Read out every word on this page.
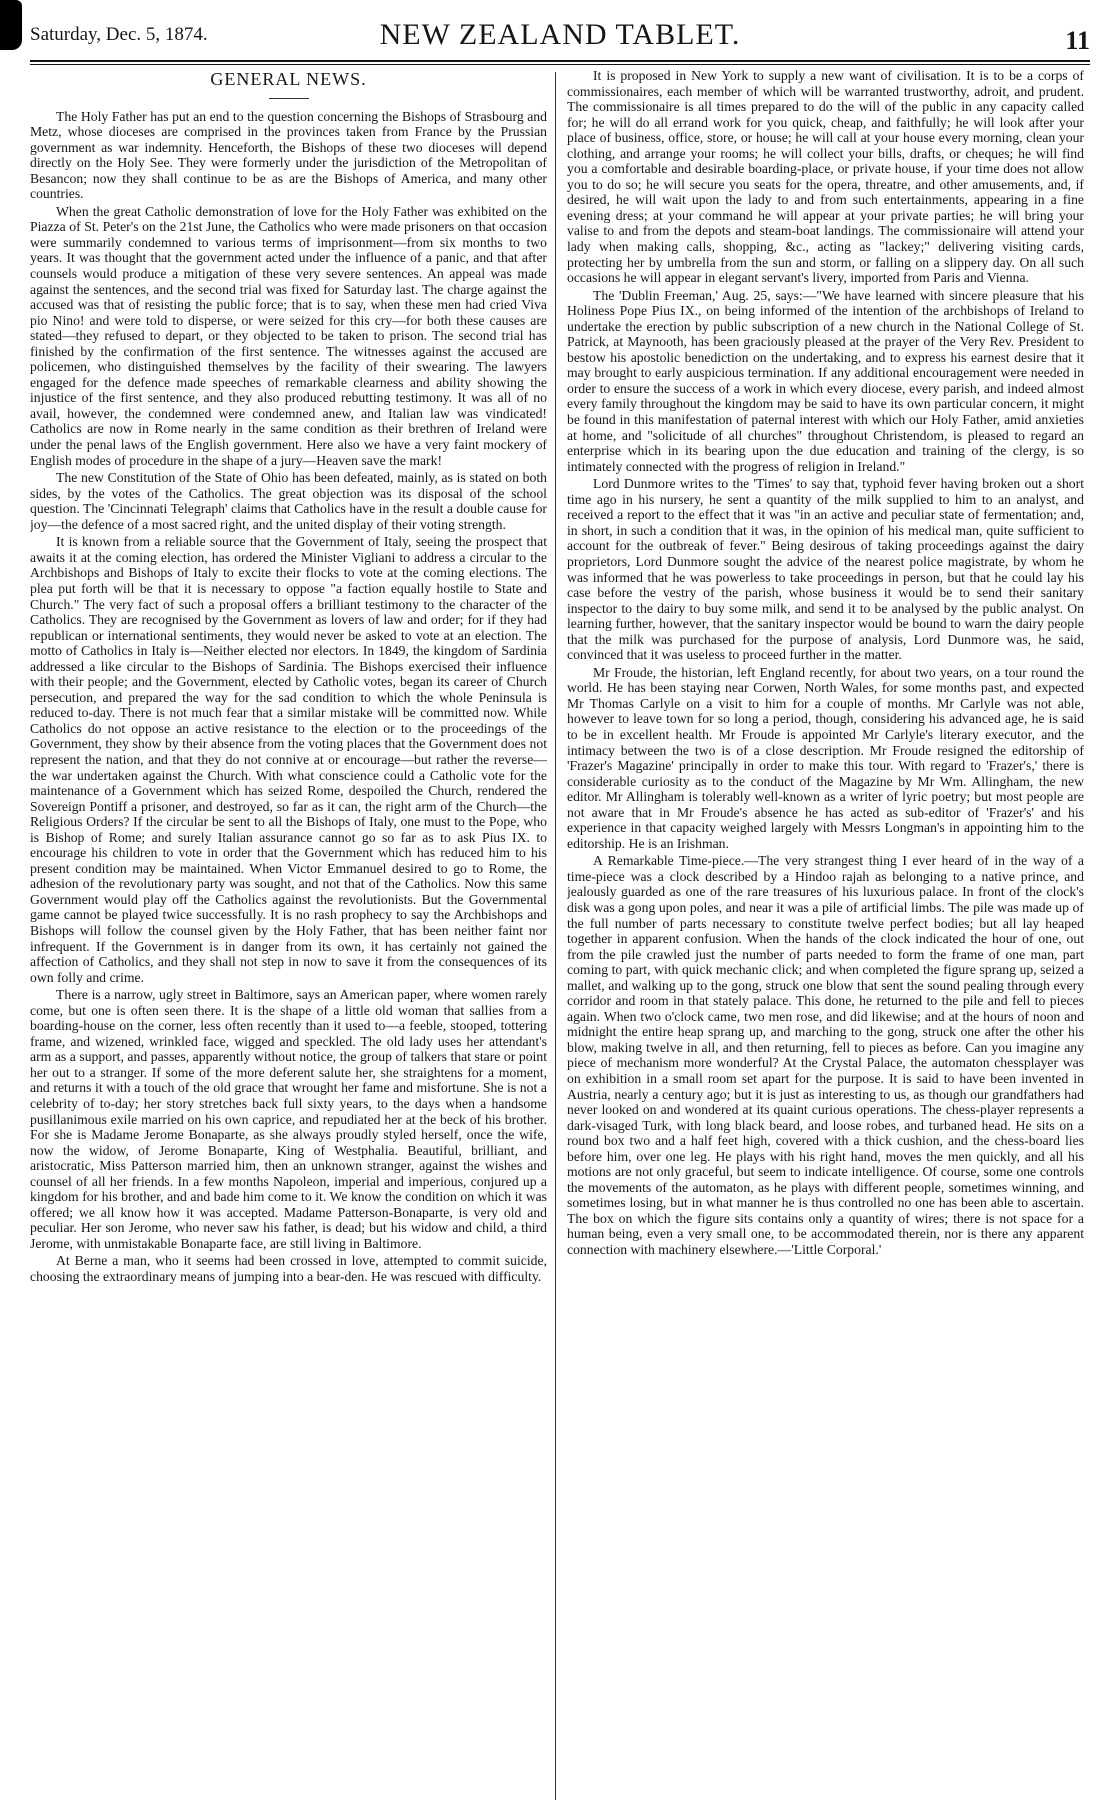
Saturday, Dec. 5, 1874.	NEW ZEALAND TABLET.	11
GENERAL NEWS.

The Holy Father has put an end to the question concerning the Bishops of Strasbourg and Metz, whose dioceses are comprised in the provinces taken from France by the Prussian government as war indemnity. Henceforth, the Bishops of these two dioceses will depend directly on the Holy See. They were formerly under the jurisdiction of the Metropolitan of Besancon; now they shall continue to be as are the Bishops of America, and many other countries.

When the great Catholic demonstration of love for the Holy Father was exhibited on the Piazza of St. Peter's on the 21st June, the Catholics who were made prisoners on that occasion were summarily condemned to various terms of imprisonment—from six months to two years. It was thought that the government acted under the influence of a panic, and that after counsels would produce a mitigation of these very severe sentences. An appeal was made against the sentences, and the second trial was fixed for Saturday last. The charge against the accused was that of resisting the public force; that is to say, when these men had cried Viva pio Nino! and were told to disperse, or were seized for this cry—for both these causes are stated—they refused to depart, or they objected to be taken to prison. The second trial has finished by the confirmation of the first sentence. The witnesses against the accused are policemen, who distinguished themselves by the facility of their swearing. The lawyers engaged for the defence made speeches of remarkable clearness and ability showing the injustice of the first sentence, and they also produced rebutting testimony. It was all of no avail, however, the condemned were condemned anew, and Italian law was vindicated! Catholics are now in Rome nearly in the same condition as their brethren of Ireland were under the penal laws of the English government. Here also we have a very faint mockery of English modes of procedure in the shape of a jury—Heaven save the mark!

The new Constitution of the State of Ohio has been defeated, mainly, as is stated on both sides, by the votes of the Catholics. The great objection was its disposal of the school question. The 'Cincinnati Telegraph' claims that Catholics have in the result a double cause for joy—the defence of a most sacred right, and the united display of their voting strength.

It is known from a reliable source that the Government of Italy, seeing the prospect that awaits it at the coming election, has ordered the Minister Vigliani to address a circular to the Archbishops and Bishops of Italy to excite their flocks to vote at the coming elections. The plea put forth will be that it is necessary to oppose "a faction equally hostile to State and Church." The very fact of such a proposal offers a brilliant testimony to the character of the Catholics. They are recognised by the Government as lovers of law and order; for if they had republican or international sentiments, they would never be asked to vote at an election. The motto of Catholics in Italy is—Neither elected nor electors. In 1849, the kingdom of Sardinia addressed a like circular to the Bishops of Sardinia. The Bishops exercised their influence with their people; and the Government, elected by Catholic votes, began its career of Church persecution, and prepared the way for the sad condition to which the whole Peninsula is reduced to-day. There is not much fear that a similar mistake will be committed now. While Catholics do not oppose an active resistance to the election or to the proceedings of the Government, they show by their absence from the voting places that the Government does not represent the nation, and that they do not connive at or encourage—but rather the reverse—the war undertaken against the Church. With what conscience could a Catholic vote for the maintenance of a Government which has seized Rome, despoiled the Church, rendered the Sovereign Pontiff a prisoner, and destroyed, so far as it can, the right arm of the Church—the Religious Orders? If the circular be sent to all the Bishops of Italy, one must to the Pope, who is Bishop of Rome; and surely Italian assurance cannot go so far as to ask Pius IX. to encourage his children to vote in order that the Government which has reduced him to his present condition may be maintained. When Victor Emmanuel desired to go to Rome, the adhesion of the revolutionary party was sought, and not that of the Catholics. Now this same Government would play off the Catholics against the revolutionists. But the Governmental game cannot be played twice successfully. It is no rash prophecy to say the Archbishops and Bishops will follow the counsel given by the Holy Father, that has been neither faint nor infrequent. If the Government is in danger from its own, it has certainly not gained the affection of Catholics, and they shall not step in now to save it from the consequences of its own folly and crime.

There is a narrow, ugly street in Baltimore, says an American paper, where women rarely come, but one is often seen there. It is the shape of a little old woman that sallies from a boarding-house on the corner, less often recently than it used to—a feeble, stooped, tottering frame, and wizened, wrinkled face, wigged and speckled. The old lady uses her attendant's arm as a support, and passes, apparently without notice, the group of talkers that stare or point her out to a stranger. If some of the more deferent salute her, she straightens for a moment, and returns it with a touch of the old grace that wrought her fame and misfortune. She is not a celebrity of to-day; her story stretches back full sixty years, to the days when a handsome pusillanimous exile married on his own caprice, and repudiated her at the beck of his brother. For she is Madame Jerome Bonaparte, as she always proudly styled herself, once the wife, now the widow, of Jerome Bonaparte, King of Westphalia. Beautiful, brilliant, and aristocratic, Miss Patterson married him, then an unknown stranger, against the wishes and counsel of all her friends. In a few months Napoleon, imperial and imperious, conjured up a kingdom for his brother, and and bade him come to it. We know the condition on which it was offered; we all know how it was accepted. Madame Patterson-Bonaparte, is very old and peculiar. Her son Jerome, who never saw his father, is dead; but his widow and child, a third Jerome, with unmistakable Bonaparte face, are still living in Baltimore.

At Berne a man, who it seems had been crossed in love, attempted to commit suicide, choosing the extraordinary means of jumping into a bear-den. He was rescued with difficulty.

It is proposed in New York to supply a new want of civilisation. It is to be a corps of commissionaires, each member of which will be warranted trustworthy, adroit, and prudent. The commissionaire is all times prepared to do the will of the public in any capacity called for; he will do all errand work for you quick, cheap, and faithfully; he will look after your place of business, office, store, or house; he will call at your house every morning, clean your clothing, and arrange your rooms; he will collect your bills, drafts, or cheques; he will find you a comfortable and desirable boarding-place, or private house, if your time does not allow you to do so; he will secure you seats for the opera, threatre, and other amusements, and, if desired, he will wait upon the lady to and from such entertainments, appearing in a fine evening dress; at your command he will appear at your private parties; he will bring your valise to and from the depots and steam-boat landings. The commissionaire will attend your lady when making calls, shopping, &c., acting as "lackey;" delivering visiting cards, protecting her by umbrella from the sun and storm, or falling on a slippery day. On all such occasions he will appear in elegant servant's livery, imported from Paris and Vienna.

The 'Dublin Freeman,' Aug. 25, says:—"We have learned with sincere pleasure that his Holiness Pope Pius IX., on being informed of the intention of the archbishops of Ireland to undertake the erection by public subscription of a new church in the National College of St. Patrick, at Maynooth, has been graciously pleased at the prayer of the Very Rev. President to bestow his apostolic benediction on the undertaking, and to express his earnest desire that it may brought to early auspicious termination. If any additional encouragement were needed in order to ensure the success of a work in which every diocese, every parish, and indeed almost every family throughout the kingdom may be said to have its own particular concern, it might be found in this manifestation of paternal interest with which our Holy Father, amid anxieties at home, and "solicitude of all churches" throughout Christendom, is pleased to regard an enterprise which in its bearing upon the due education and training of the clergy, is so intimately connected with the progress of religion in Ireland."

Lord Dunmore writes to the 'Times' to say that, typhoid fever having broken out a short time ago in his nursery, he sent a quantity of the milk supplied to him to an analyst, and received a report to the effect that it was "in an active and peculiar state of fermentation; and, in short, in such a condition that it was, in the opinion of his medical man, quite sufficient to account for the outbreak of fever." Being desirous of taking proceedings against the dairy proprietors, Lord Dunmore sought the advice of the nearest police magistrate, by whom he was informed that he was powerless to take proceedings in person, but that he could lay his case before the vestry of the parish, whose business it would be to send their sanitary inspector to the dairy to buy some milk, and send it to be analysed by the public analyst. On learning further, however, that the sanitary inspector would be bound to warn the dairy people that the milk was purchased for the purpose of analysis, Lord Dunmore was, he said, convinced that it was useless to proceed further in the matter.

Mr Froude, the historian, left England recently, for about two years, on a tour round the world. He has been staying near Corwen, North Wales, for some months past, and expected Mr Thomas Carlyle on a visit to him for a couple of months. Mr Carlyle was not able, however to leave town for so long a period, though, considering his advanced age, he is said to be in excellent health. Mr Froude is appointed Mr Carlyle's literary executor, and the intimacy between the two is of a close description. Mr Froude resigned the editorship of 'Frazer's Magazine' principally in order to make this tour. With regard to 'Frazer's,' there is considerable curiosity as to the conduct of the Magazine by Mr Wm. Allingham, the new editor. Mr Allingham is tolerably well-known as a writer of lyric poetry; but most people are not aware that in Mr Froude's absence he has acted as sub-editor of 'Frazer's' and his experience in that capacity weighed largely with Messrs Longman's in appointing him to the editorship. He is an Irishman.

A Remarkable Time-piece.—The very strangest thing I ever heard of in the way of a time-piece was a clock described by a Hindoo rajah as belonging to a native prince, and jealously guarded as one of the rare treasures of his luxurious palace. In front of the clock's disk was a gong upon poles, and near it was a pile of artificial limbs. The pile was made up of the full number of parts necessary to constitute twelve perfect bodies; but all lay heaped together in apparent confusion. When the hands of the clock indicated the hour of one, out from the pile crawled just the number of parts needed to form the frame of one man, part coming to part, with quick mechanic click; and when completed the figure sprang up, seized a mallet, and walking up to the gong, struck one blow that sent the sound pealing through every corridor and room in that stately palace. This done, he returned to the pile and fell to pieces again. When two o'clock came, two men rose, and did likewise; and at the hours of noon and midnight the entire heap sprang up, and marching to the gong, struck one after the other his blow, making twelve in all, and then returning, fell to pieces as before. Can you imagine any piece of mechanism more wonderful? At the Crystal Palace, the automaton chessplayer was on exhibition in a small room set apart for the purpose. It is said to have been invented in Austria, nearly a century ago; but it is just as interesting to us, as though our grandfathers had never looked on and wondered at its quaint curious operations. The chess-player represents a dark-visaged Turk, with long black beard, and loose robes, and turbaned head. He sits on a round box two and a half feet high, covered with a thick cushion, and the chess-board lies before him, over one leg. He plays with his right hand, moves the men quickly, and all his motions are not only graceful, but seem to indicate intelligence. Of course, some one controls the movements of the automaton, as he plays with different people, sometimes winning, and sometimes losing, but in what manner he is thus controlled no one has been able to ascertain. The box on which the figure sits contains only a quantity of wires; there is not space for a human being, even a very small one, to be accommodated therein, nor is there any apparent connection with machinery elsewhere.—'Little Corporal.'
